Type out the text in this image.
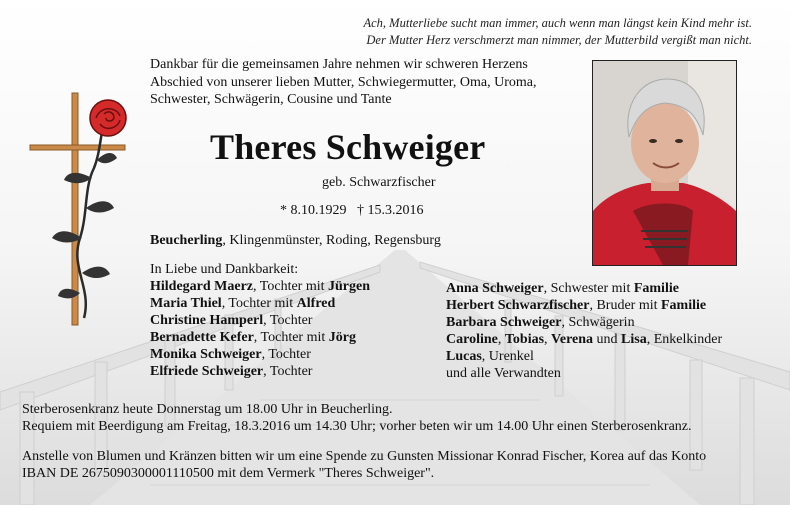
Ach, Mutterliebe sucht man immer, auch wenn man längst kein Kind mehr ist.
Der Mutter Herz verschmerzt man nimmer, der Mutterbild vergißt man nicht.
Dankbar für die gemeinsamen Jahre nehmen wir schweren Herzens
Abschied von unserer lieben Mutter, Schwiegermutter, Oma, Uroma,
Schwester, Schwägerin, Cousine und Tante
Theres Schweiger
geb. Schwarzfischer
* 8.10.1929   † 15.3.2016
Beucherling, Klingenmünster, Roding, Regensburg
In Liebe und Dankbarkeit:
Hildegard Maerz, Tochter mit Jürgen
Maria Thiel, Tochter mit Alfred
Christine Hamperl, Tochter
Bernadette Kefer, Tochter mit Jörg
Monika Schweiger, Tochter
Elfriede Schweiger, Tochter
Anna Schweiger, Schwester mit Familie
Herbert Schwarzfischer, Bruder mit Familie
Barbara Schweiger, Schwägerin
Caroline, Tobias, Verena und Lisa, Enkelkinder
Lucas, Urenkel
und alle Verwandten
Sterberosenkranz heute Donnerstag um 18.00 Uhr in Beucherling.
Requiem mit Beerdigung am Freitag, 18.3.2016 um 14.30 Uhr; vorher beten wir um 14.00 Uhr einen Sterberosenkranz.
Anstelle von Blumen und Kränzen bitten wir um eine Spende zu Gunsten Missionar Konrad Fischer, Korea auf das Konto
IBAN DE 2675090300001110500 mit dem Vermerk "Theres Schweiger".
